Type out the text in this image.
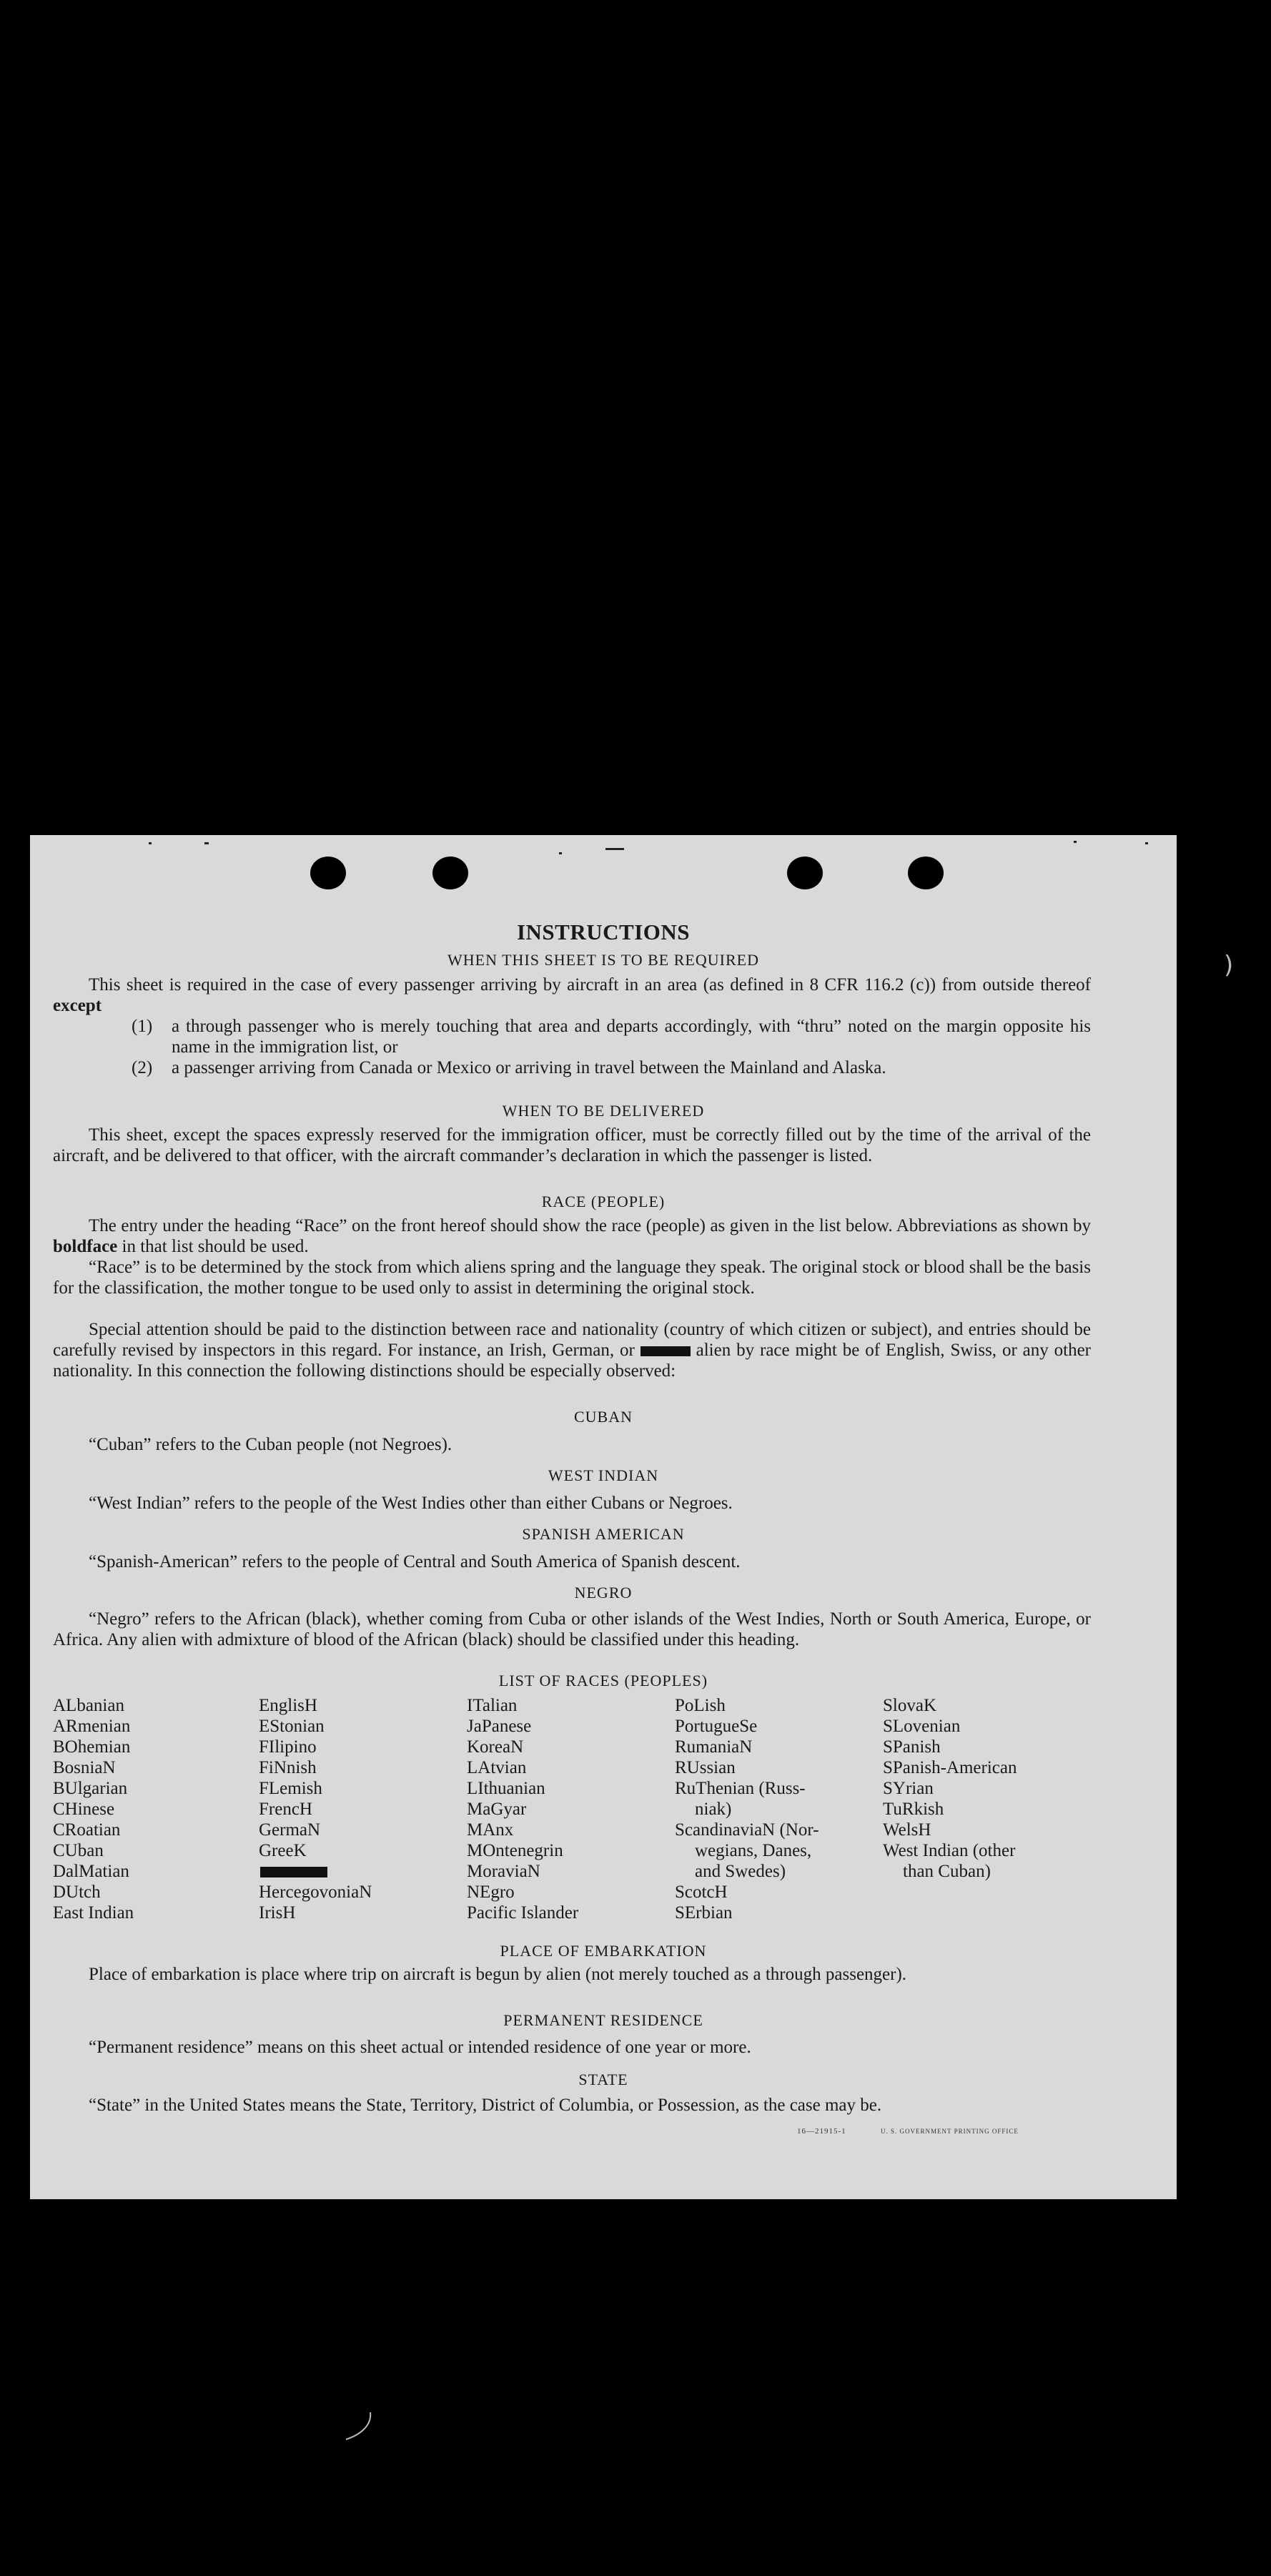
INSTRUCTIONS
WHEN THIS SHEET IS TO BE REQUIRED

This sheet is required in the case of every passenger arriving by aircraft in an area (as defined in 8 CFR 116.2 (c)) from outside thereof except

(1) a through passenger who is merely touching that area and departs accordingly, with “thru” noted on the margin opposite his name in the immigration list, or
(2) a passenger arriving from Canada or Mexico or arriving in travel between the Mainland and Alaska.
WHEN TO BE DELIVERED

This sheet, except the spaces expressly reserved for the immigration officer, must be correctly filled out by the time of the arrival of the aircraft, and be delivered to that officer, with the aircraft commander’s declaration in which the passenger is listed.

RACE (PEOPLE)

The entry under the heading “Race” on the front hereof should show the race (people) as given in the list below. Abbreviations as shown by boldface in that list should be used.

“Race” is to be determined by the stock from which aliens spring and the language they speak. The original stock or blood shall be the basis for the classification, the mother tongue to be used only to assist in determining the original stock.

Special attention should be paid to the distinction between race and nationality (country of which citizen or subject), and entries should be carefully revised by inspectors in this regard. For instance, an Irish, German, or	alien by race might be of English, Swiss, or any other nationality. In this connection the following distinctions should be especially observed:

CUBAN

“Cuban” refers to the Cuban people (not Negroes).

WEST INDIAN

“West Indian” refers to the people of the West Indies other than either Cubans or Negroes.

SPANISH AMERICAN

“Spanish-American” refers to the people of Central and South America of Spanish descent.

NEGRO

“Negro” refers to the African (black), whether coming from Cuba or other islands of the West Indies, North or South America, Europe, or Africa. Any alien with admixture of blood of the African (black) should be classified under this heading.

LIST OF RACES (PEOPLES)
ALbanian
ARmenian
BOhemian
BosniaN
BUlgarian
CHinese
CRoatian
CUban
DalMatian
DUtch
East Indian
EnglisH
EStonian
FIlipino
FiNnish
FLemish
FrencH
GermaN
GreeK
HercegovoniaN
IrisH
ITalian
JaPanese
KoreaN
LAtvian
LIthuanian
MaGyar
MAnx
MOntenegrin
MoraviaN
NEgro
Pacific Islander
PoLish
PortugueSe
RumaniaN
RUssian
RuThenian (Russ-
niak)
ScandinaviaN (Nor-
wegians, Danes,
and Swedes)
ScotcH
SErbian
SlovaK
SLovenian
SPanish
SPanish-American
SYrian
TuRkish
WelsH
West Indian (other
than Cuban)
PLACE OF EMBARKATION

Place of embarkation is place where trip on aircraft is begun by alien (not merely touched as a through passenger).

PERMANENT RESIDENCE

“Permanent residence” means on this sheet actual or intended residence of one year or more.

STATE

“State” in the United States means the State, Territory, District of Columbia, or Possession, as the case may be.

16—21915-1	U. S. GOVERNMENT PRINTING OFFICE
)
